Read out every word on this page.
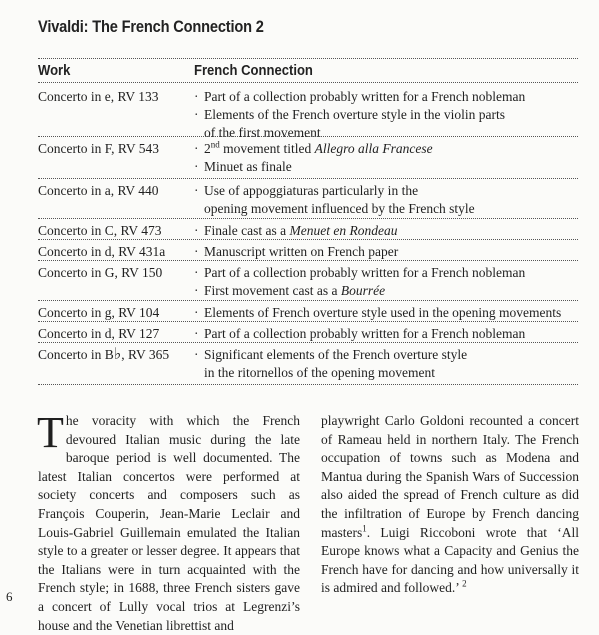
Vivaldi: The French Connection 2
Work	French Connection
Concerto in e, RV 133	· Part of a collection probably written for a French nobleman
· Elements of the French overture style in the violin parts
of the first movement
Concerto in F, RV 543	· 2nd movement titled Allegro alla Francese
· Minuet as finale
Concerto in a, RV 440	· Use of appoggiaturas particularly in the
opening movement influenced by the French style
Concerto in C, RV 473 · Finale cast as a Menuet en Rondeau
Concerto in d, RV 431a · Manuscript written on French paper
Concerto in G, RV 150 · Part of a collection probably written for a French nobleman
· First movement cast as a Bourrée
Concerto in g, RV 104	· Elements of French overture style used in the opening movements
Concerto in d, RV 127	· Part of a collection probably written for a French nobleman
Concerto in B♭, RV 365 · Significant elements of the French overture style
in the ritornellos of the opening movement

The voracity with which the French devoured Italian music during the late baroque period is well documented. The latest Italian concertos were performed at society concerts and composers such as François Couperin, Jean-Marie Leclair and Louis-Gabriel Guillemain emulated the Italian style to a greater or lesser degree. It appears that the Italians were in turn acquainted with the French style; in 1688, three French sisters gave a concert of Lully vocal trios at Legrenzi’s house and the Venetian librettist and

playwright Carlo Goldoni recounted a concert of Rameau held in northern Italy. The French occupation of towns such as Modena and Mantua during the Spanish Wars of Succession also aided the spread of French culture as did the infiltration of Europe by French dancing masters$^1$. Luigi Riccoboni wrote that ‘All Europe knows what a Capacity and Genius the French have for dancing and how universally it is admired and followed.’ $^2$

6
